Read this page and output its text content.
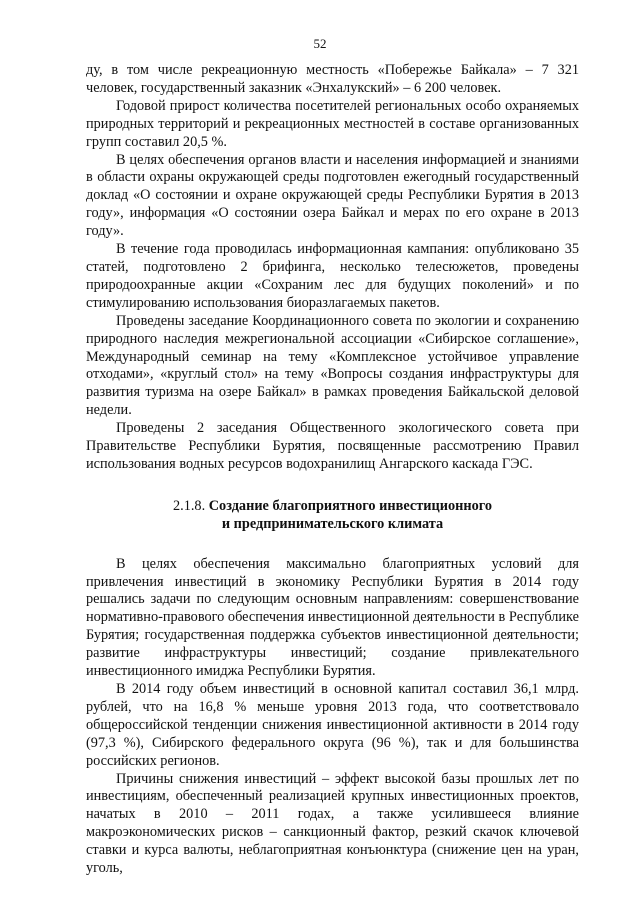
52

ду, в том числе рекреационную местность «Побережье Байкала» – 7 321 человек, государственный заказник «Энхалукский» – 6 200 человек.

Годовой прирост количества посетителей региональных особо охраняемых природных территорий и рекреационных местностей в составе организованных групп составил 20,5 %.

В целях обеспечения органов власти и населения информацией и знаниями в области охраны окружающей среды подготовлен ежегодный государственный доклад «О состоянии и охране окружающей среды Республики Бурятия в 2013 году», информация «О состоянии озера Байкал и мерах по его охране в 2013 году».

В течение года проводилась информационная кампания: опубликовано 35 статей, подготовлено 2 брифинга, несколько телесюжетов, проведены природоохранные акции «Сохраним лес для будущих поколений» и по стимулированию использования биоразлагаемых пакетов.

Проведены заседание Координационного совета по экологии и сохранению природного наследия межрегиональной ассоциации «Сибирское соглашение», Международный семинар на тему «Комплексное устойчивое управление отходами», «круглый стол» на тему «Вопросы создания инфраструктуры для развития туризма на озере Байкал» в рамках проведения Байкальской деловой недели.

Проведены 2 заседания Общественного экологического совета при Правительстве Республики Бурятия, посвященные рассмотрению Правил использования водных ресурсов водохранилищ Ангарского каскада ГЭС.

2.1.8. Создание благоприятного инвестиционного
и предпринимательского климата

В целях обеспечения максимально благоприятных условий для привлечения инвестиций в экономику Республики Бурятия в 2014 году решались задачи по следующим основным направлениям: совершенствование нормативно-правового обеспечения инвестиционной деятельности в Республике Бурятия; государственная поддержка субъектов инвестиционной деятельности; развитие инфраструктуры инвестиций; создание привлекательного инвестиционного имиджа Республики Бурятия.

В 2014 году объем инвестиций в основной капитал составил 36,1 млрд. рублей, что на 16,8 % меньше уровня 2013 года, что соответствовало общероссийской тенденции снижения инвестиционной активности в 2014 году (97,3 %), Сибирского федерального округа (96 %), так и для большинства российских регионов.

Причины снижения инвестиций – эффект высокой базы прошлых лет по инвестициям, обеспеченный реализацией крупных инвестиционных проектов, начатых в 2010 – 2011 годах, а также усилившееся влияние макроэкономических рисков – санкционный фактор, резкий скачок ключевой ставки и курса валюты, неблагоприятная конъюнктура (снижение цен на уран, уголь,
